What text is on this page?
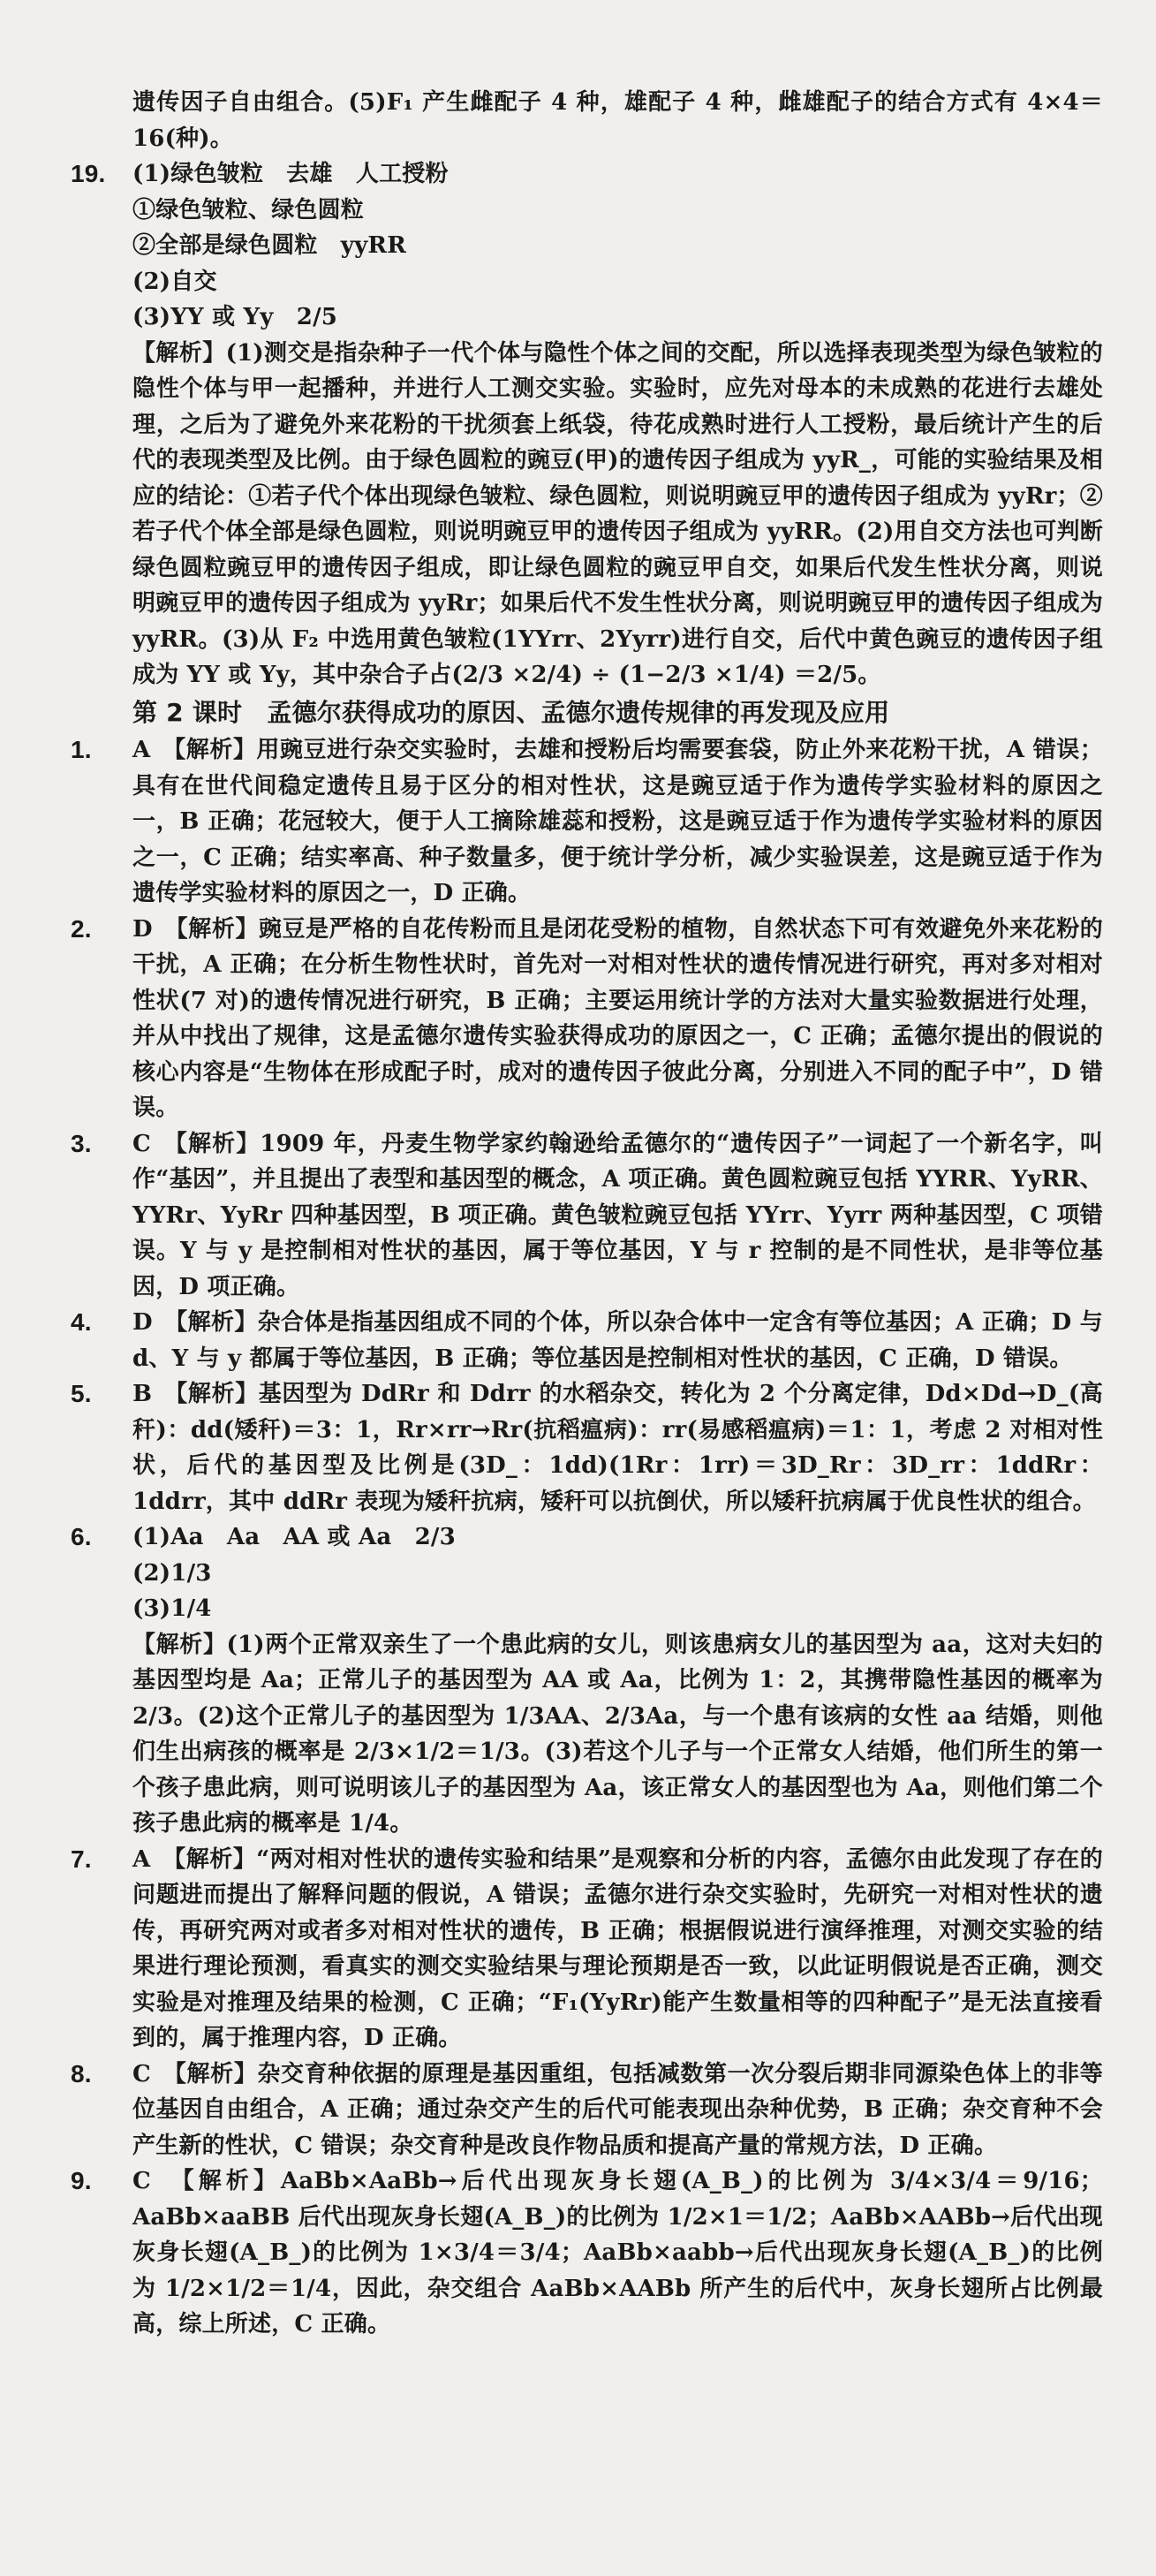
遗传因子自由组合。(5)F₁ 产生雌配子 4 种，雄配子 4 种，雌雄配子的结合方式有 4×4＝16(种)。
19. (1)绿色皱粒　去雄　人工授粉
①绿色皱粒、绿色圆粒
②全部是绿色圆粒　yyRR
(2)自交
(3)YY 或 Yy　2/5
【解析】(1)测交是指杂种子一代个体与隐性个体之间的交配，所以选择表现类型为绿色皱粒的隐性个体与甲一起播种，并进行人工测交实验。实验时，应先对母本的未成熟的花进行去雄处理，之后为了避免外来花粉的干扰须套上纸袋，待花成熟时进行人工授粉，最后统计产生的后代的表现类型及比例。由于绿色圆粒的豌豆(甲)的遗传因子组成为 yyR_，可能的实验结果及相应的结论：①若子代个体出现绿色皱粒、绿色圆粒，则说明豌豆甲的遗传因子组成为 yyRr；②若子代个体全部是绿色圆粒，则说明豌豆甲的遗传因子组成为 yyRR。(2)用自交方法也可判断绿色圆粒豌豆甲的遗传因子组成，即让绿色圆粒的豌豆甲自交，如果后代发生性状分离，则说明豌豆甲的遗传因子组成为 yyRr；如果后代不发生性状分离，则说明豌豆甲的遗传因子组成为 yyRR。(3)从 F₂ 中选用黄色皱粒(1YYrr、2Yyrr)进行自交，后代中黄色豌豆的遗传因子组成为 YY 或 Yy，其中杂合子占(2/3 ×2/4) ÷ (1−2/3 ×1/4) ＝2/5。
第 2 课时　孟德尔获得成功的原因、孟德尔遗传规律的再发现及应用
1. A　【解析】用豌豆进行杂交实验时，去雄和授粉后均需要套袋，防止外来花粉干扰，A 错误；具有在世代间稳定遗传且易于区分的相对性状，这是豌豆适于作为遗传学实验材料的原因之一，B 正确；花冠较大，便于人工摘除雄蕊和授粉，这是豌豆适于作为遗传学实验材料的原因之一，C 正确；结实率高、种子数量多，便于统计学分析，减少实验误差，这是豌豆适于作为遗传学实验材料的原因之一，D 正确。
2. D　【解析】豌豆是严格的自花传粉而且是闭花受粉的植物，自然状态下可有效避免外来花粉的干扰，A 正确；在分析生物性状时，首先对一对相对性状的遗传情况进行研究，再对多对相对性状(7 对)的遗传情况进行研究，B 正确；主要运用统计学的方法对大量实验数据进行处理，并从中找出了规律，这是孟德尔遗传实验获得成功的原因之一，C 正确；孟德尔提出的假说的核心内容是“生物体在形成配子时，成对的遗传因子彼此分离，分别进入不同的配子中”，D 错误。
3. C　【解析】1909 年，丹麦生物学家约翰逊给孟德尔的“遗传因子”一词起了一个新名字，叫作“基因”，并且提出了表型和基因型的概念，A 项正确。黄色圆粒豌豆包括 YYRR、YyRR、YYRr、YyRr 四种基因型，B 项正确。黄色皱粒豌豆包括 YYrr、Yyrr 两种基因型，C 项错误。Y 与 y 是控制相对性状的基因，属于等位基因，Y 与 r 控制的是不同性状，是非等位基因，D 项正确。
4. D　【解析】杂合体是指基因组成不同的个体，所以杂合体中一定含有等位基因；A 正确；D 与 d、Y 与 y 都属于等位基因，B 正确；等位基因是控制相对性状的基因，C 正确，D 错误。
5. B　【解析】基因型为 DdRr 和 Ddrr 的水稻杂交，转化为 2 个分离定律，Dd×Dd→D_(高秆)：dd(矮秆)＝3：1，Rr×rr→Rr(抗稻瘟病)：rr(易感稻瘟病)＝1：1，考虑 2 对相对性状，后代的基因型及比例是(3D_：1dd)(1Rr：1rr)＝3D_Rr：3D_rr：1ddRr：1ddrr，其中 ddRr 表现为矮秆抗病，矮秆可以抗倒伏，所以矮秆抗病属于优良性状的组合。
6. (1)Aa　Aa　AA 或 Aa　2/3
(2)1/3
(3)1/4
【解析】(1)两个正常双亲生了一个患此病的女儿，则该患病女儿的基因型为 aa，这对夫妇的基因型均是 Aa；正常儿子的基因型为 AA 或 Aa，比例为 1：2，其携带隐性基因的概率为 2/3。(2)这个正常儿子的基因型为 1/3AA、2/3Aa，与一个患有该病的女性 aa 结婚，则他们生出病孩的概率是 2/3×1/2＝1/3。(3)若这个儿子与一个正常女人结婚，他们所生的第一个孩子患此病，则可说明该儿子的基因型为 Aa，该正常女人的基因型也为 Aa，则他们第二个孩子患此病的概率是 1/4。
7. A　【解析】“两对相对性状的遗传实验和结果”是观察和分析的内容，孟德尔由此发现了存在的问题进而提出了解释问题的假说，A 错误；孟德尔进行杂交实验时，先研究一对相对性状的遗传，再研究两对或者多对相对性状的遗传，B 正确；根据假说进行演绎推理，对测交实验的结果进行理论预测，看真实的测交实验结果与理论预期是否一致，以此证明假说是否正确，测交实验是对推理及结果的检测，C 正确；“F₁(YyRr)能产生数量相等的四种配子”是无法直接看到的，属于推理内容，D 正确。
8. C　【解析】杂交育种依据的原理是基因重组，包括减数第一次分裂后期非同源染色体上的非等位基因自由组合，A 正确；通过杂交产生的后代可能表现出杂种优势，B 正确；杂交育种不会产生新的性状，C 错误；杂交育种是改良作物品质和提高产量的常规方法，D 正确。
9. C　【解析】AaBb×AaBb→后代出现灰身长翅(A_B_)的比例为 3/4×3/4＝9/16；AaBb×aaBB 后代出现灰身长翅(A_B_)的比例为 1/2×1＝1/2；AaBb×AABb→后代出现灰身长翅(A_B_)的比例为 1×3/4＝3/4；AaBb×aabb→后代出现灰身长翅(A_B_)的比例为 1/2×1/2＝1/4，因此，杂交组合 AaBb×AABb 所产生的后代中，灰身长翅所占比例最高，综上所述，C 正确。
